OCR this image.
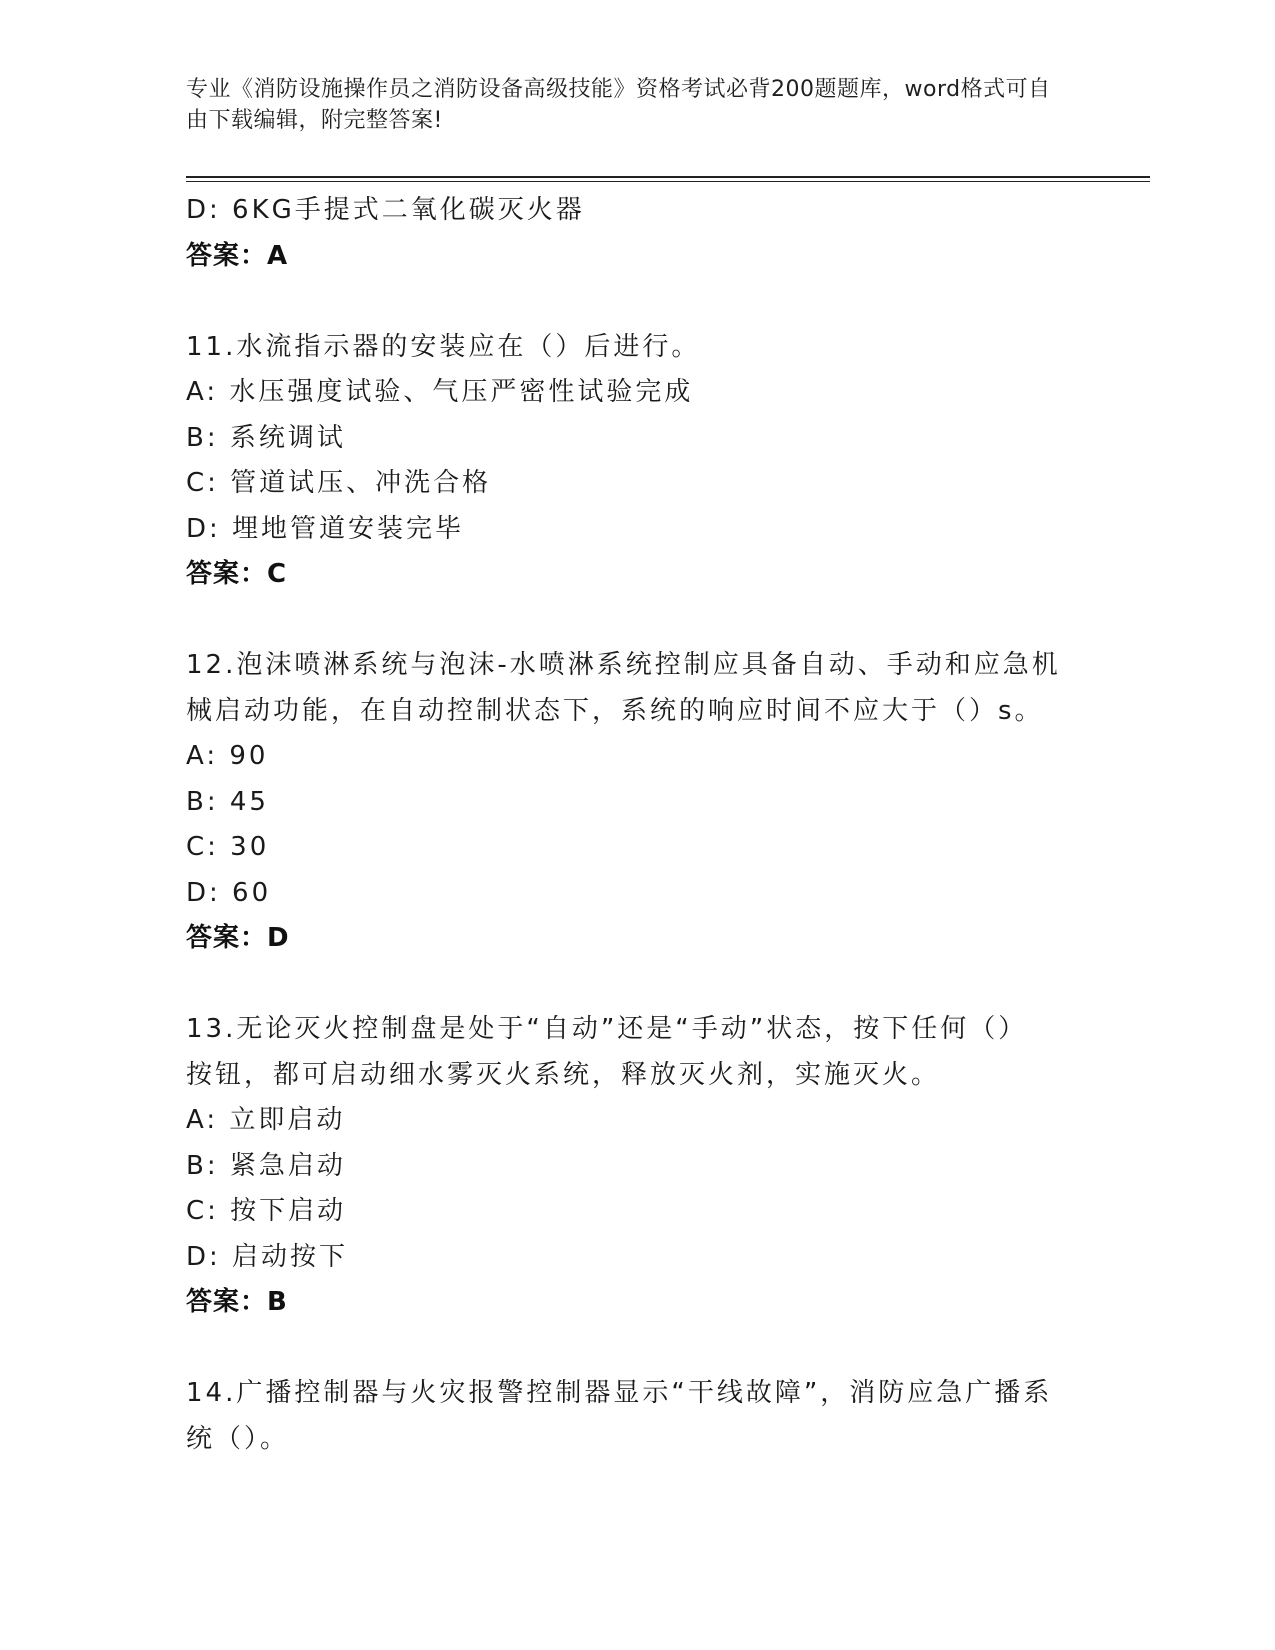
专业《消防设施操作员之消防设备高级技能》资格考试必背200题题库，word格式可自由下载编辑，附完整答案!
D: 6KG手提式二氧化碳灭火器
答案：A
11.水流指示器的安装应在（）后进行。
A: 水压强度试验、气压严密性试验完成
B: 系统调试
C: 管道试压、冲洗合格
D: 埋地管道安装完毕
答案：C
12.泡沫喷淋系统与泡沫-水喷淋系统控制应具备自动、手动和应急机
械启动功能，在自动控制状态下，系统的响应时间不应大于（）s。
A: 90
B: 45
C: 30
D: 60
答案：D
13.无论灭火控制盘是处于“自动”还是“手动”状态，按下任何（）
按钮，都可启动细水雾灭火系统，释放灭火剂，实施灭火。
A: 立即启动
B: 紧急启动
C: 按下启动
D: 启动按下
答案：B
14.广播控制器与火灾报警控制器显示“干线故障”，消防应急广播系
统（）。
